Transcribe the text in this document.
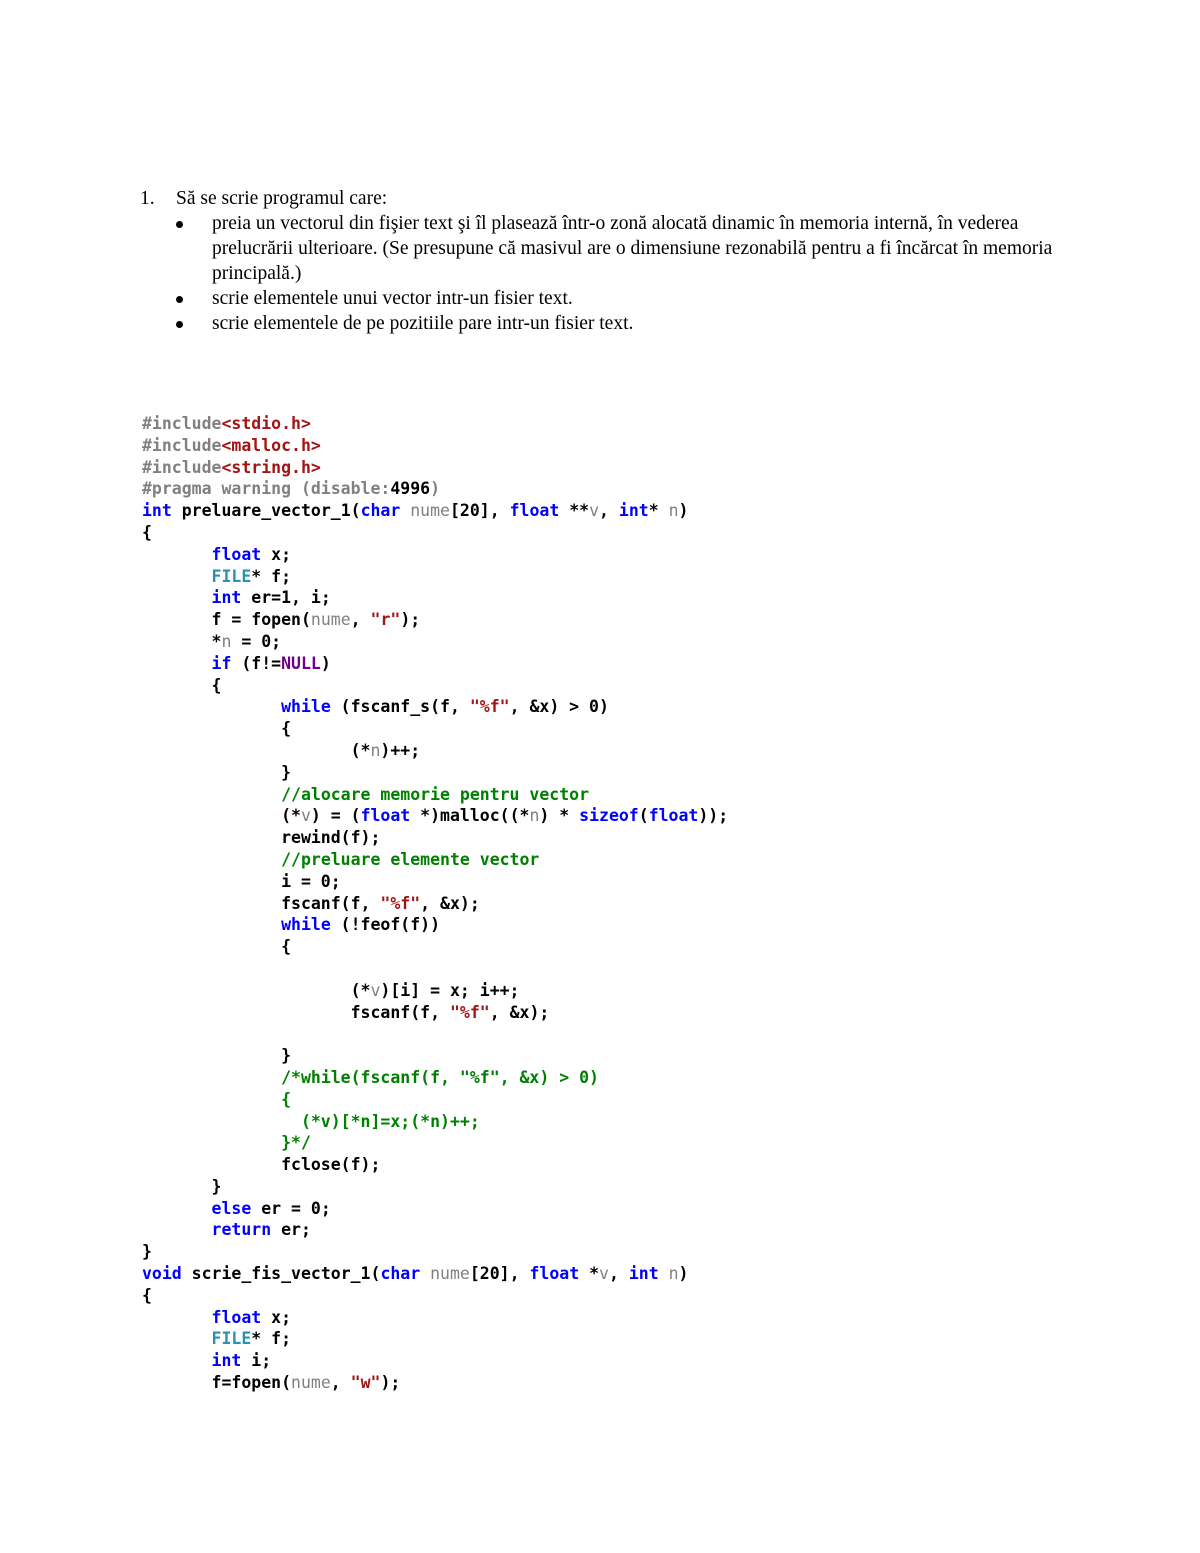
1.	Să se scrie programul care:
preia un vectorul din fişier text şi îl plasează într-o zonă alocată dinamic în memoria internă, în vederea prelucrării ulterioare. (Se presupune că masivul are o dimensiune rezonabilă pentru a fi încărcat în memoria principală.)
scrie elementele unui vector intr-un fisier text.
scrie elementele de pe pozitiile pare intr-un fisier text.
#include<stdio.h>
#include<malloc.h>
#include<string.h>
#pragma warning (disable:4996)
int preluare_vector_1(char nume[20], float **v, int* n)
{
float x;
FILE* f;
int er=1, i;
f = fopen(nume, "r");
*n = 0;
if (f!=NULL)
{
while (fscanf_s(f, "%f", &x) > 0)
{
(*n)++;
}
//alocare memorie pentru vector
(*v) = (float *)malloc((*n) * sizeof(float));
rewind(f);
//preluare elemente vector
i = 0;
fscanf(f, "%f", &x);
while (!feof(f))
{

(*v)[i] = x; i++;
fscanf(f, "%f", &x);

}
/*while(fscanf(f, "%f", &x) > 0)
{
(*v)[*n]=x;(*n)++;
}*/
fclose(f);
}
else er = 0;
return er;
}
void scrie_fis_vector_1(char nume[20], float *v, int n)
{
float x;
FILE* f;
int i;
f=fopen(nume, "w");
